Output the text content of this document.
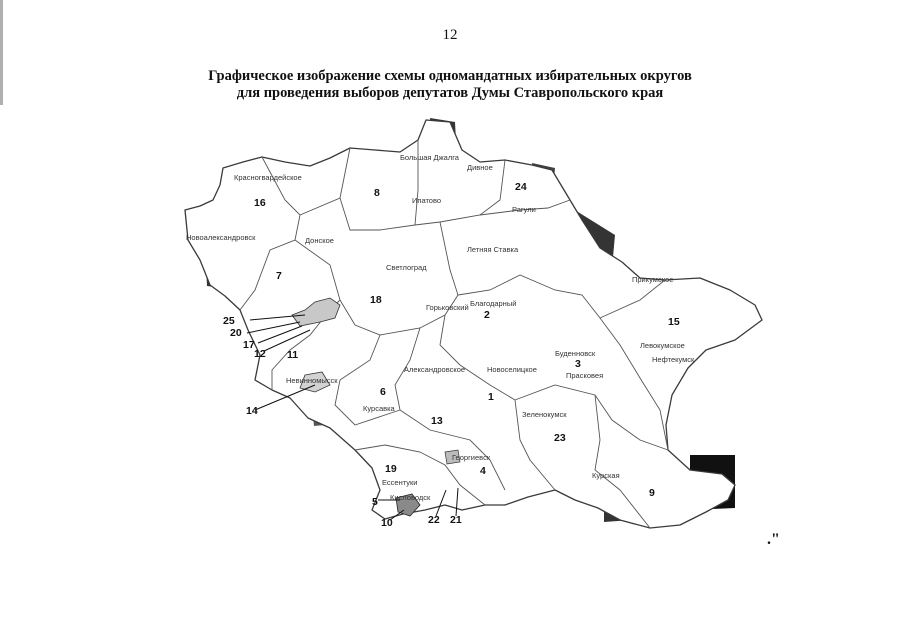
12
Графическое изображение схемы одномандатных избирательных округов
для проведения выборов депутатов Думы Ставропольского края
1
2
3
4
5
6
7
8
9
10
11
12
13
14
15
16
17
18
19
20
21
22
23
24
25
Большая Джалга
Дивное
Красногвардейское
Ипатово
Рагули
Новоалександровск	Донское
Летняя Ставка
Светлоград
Благодарный
Горьковский
Прикумское
Левокумское
Нефтекумск
Буденновск
Александровское	Новоселицкое
Прасковея
Невинномысск
Курсавка
Зеленокумск
Георгиевск
Курская
Ессентуки
Кисловодск
."
